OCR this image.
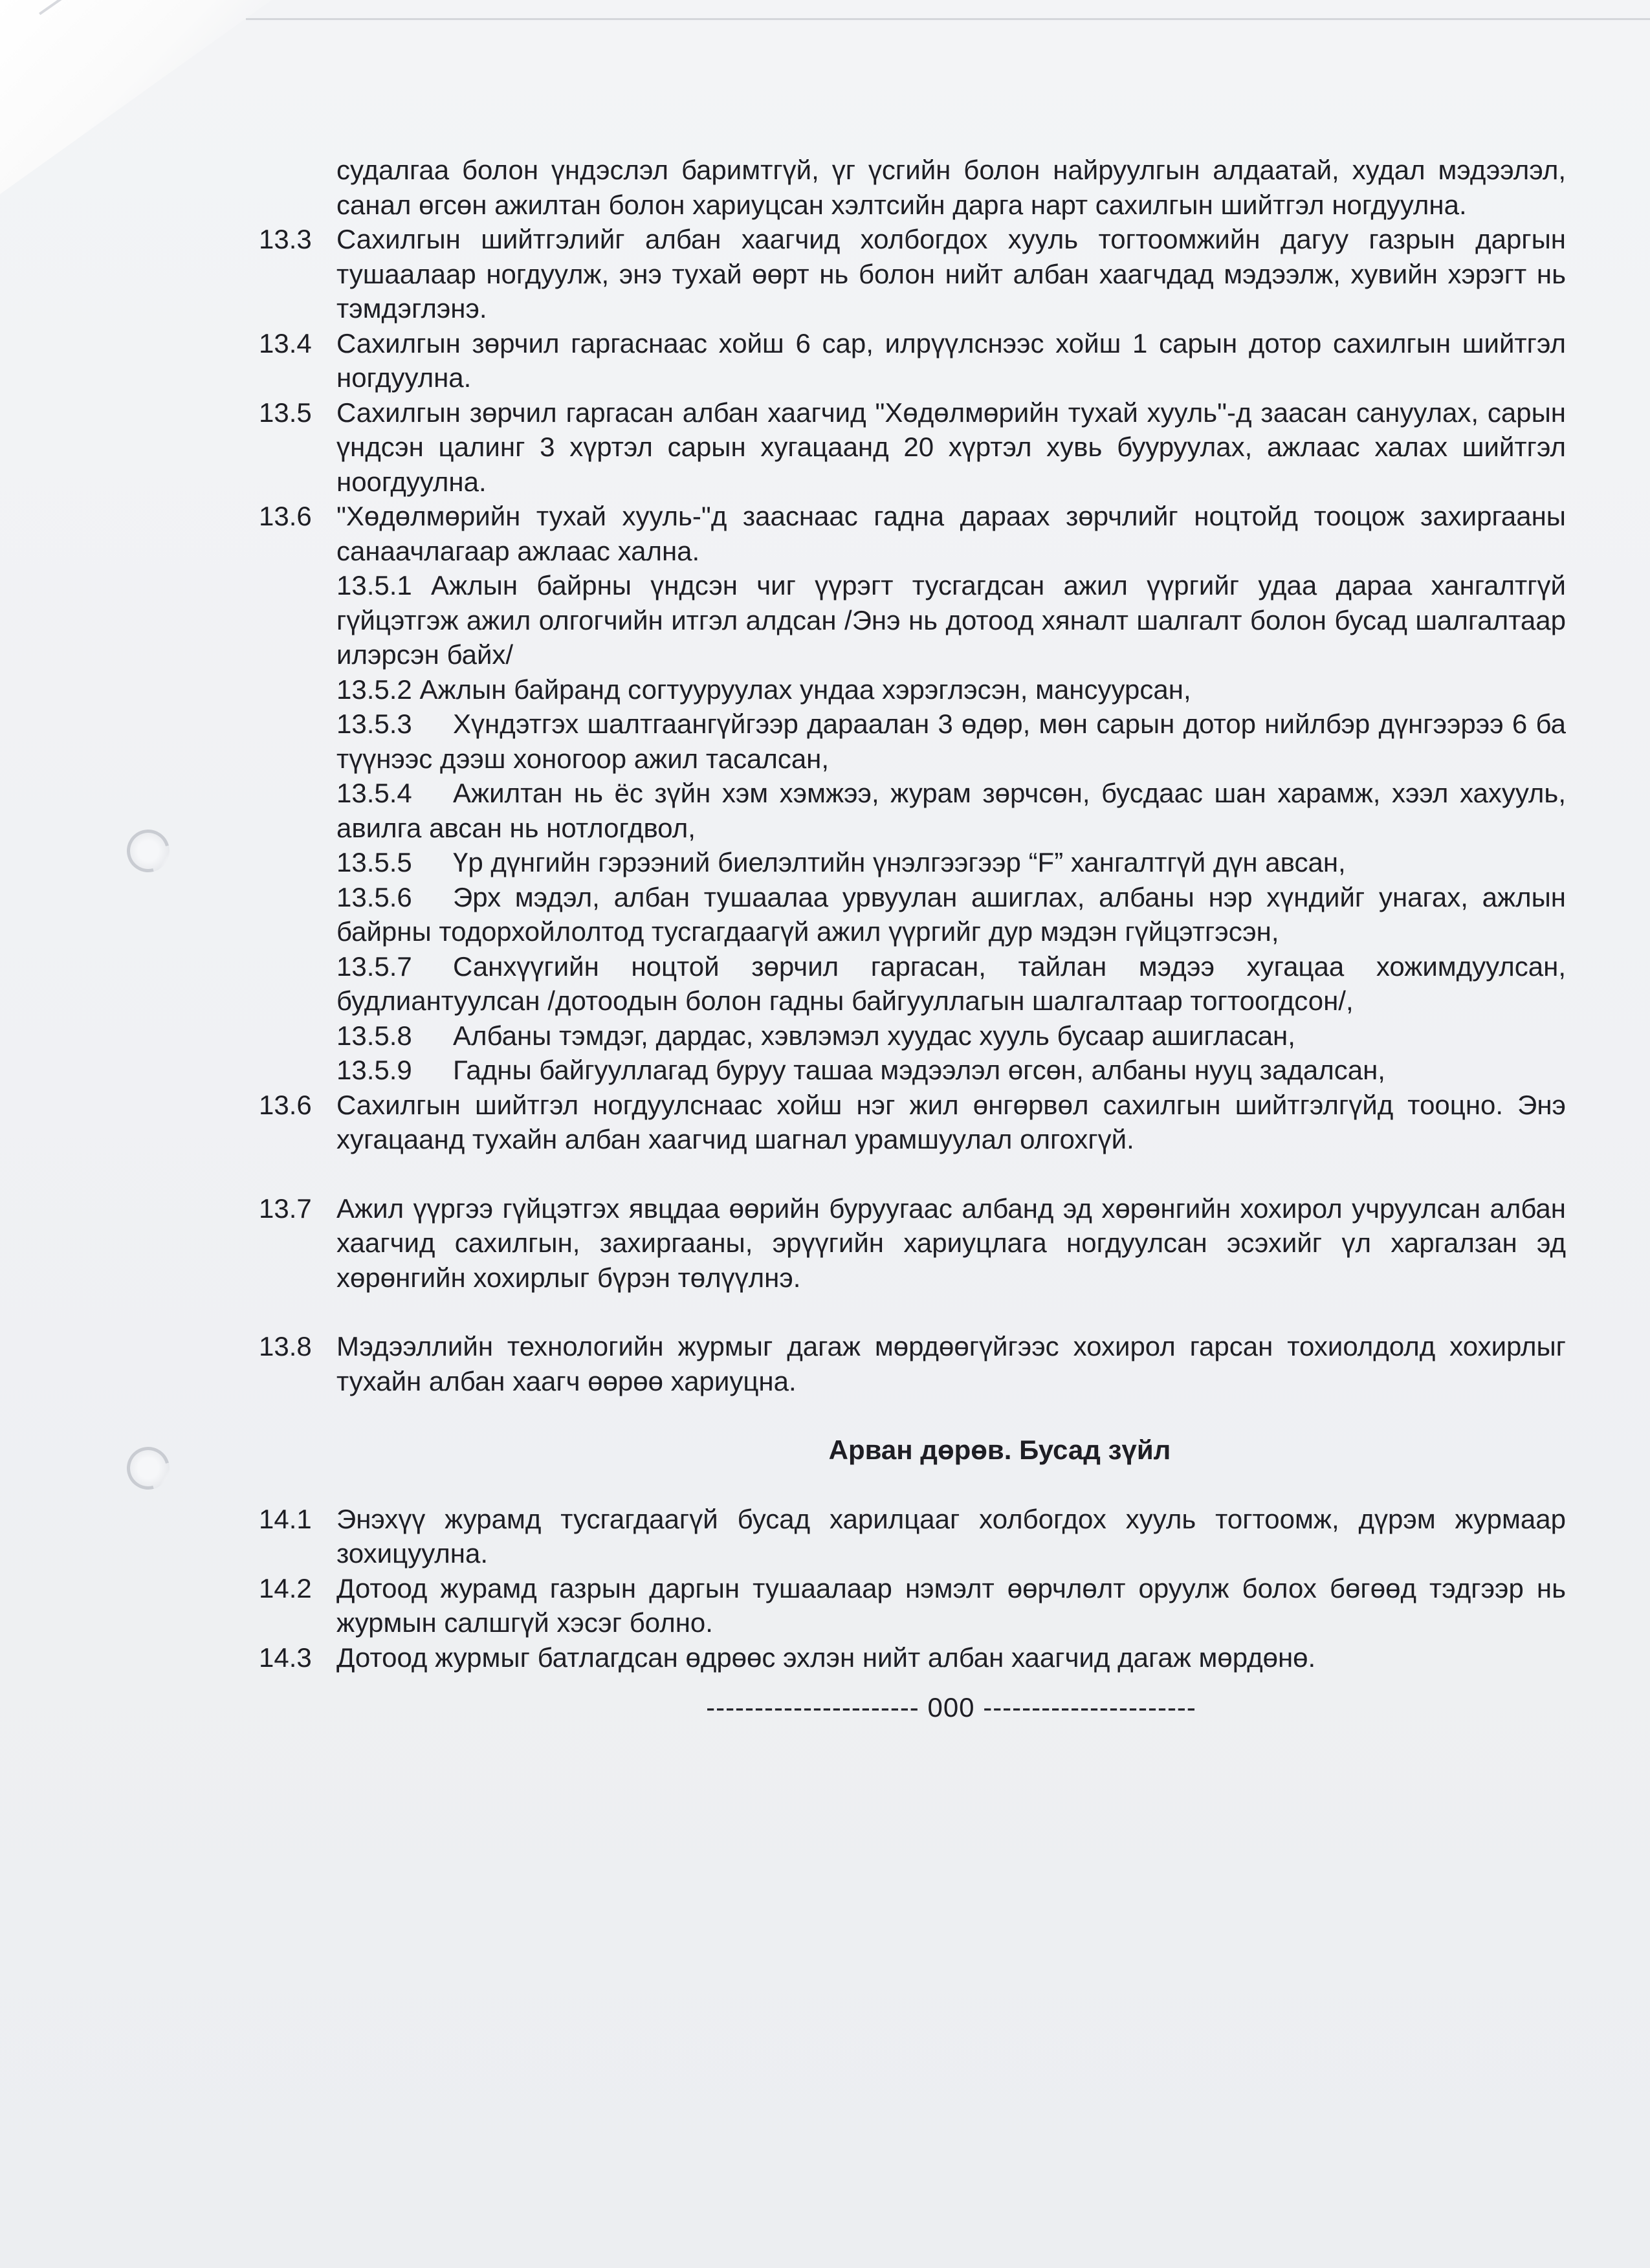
судалгаа болон үндэслэл баримтгүй, үг үсгийн болон найруулгын алдаатай, худал мэдээлэл, санал өгсөн ажилтан болон хариуцсан хэлтсийн дарга нарт сахилгын шийтгэл ногдуулна.
13.3 Сахилгын шийтгэлийг албан хаагчид холбогдох хууль тогтоомжийн дагуу газрын даргын тушаалаар ногдуулж, энэ тухай өөрт нь болон нийт албан хаагчдад мэдээлж, хувийн хэрэгт нь тэмдэглэнэ.
13.4 Сахилгын зөрчил гаргаснаас хойш 6 сар, илрүүлснээс хойш 1 сарын дотор сахилгын шийтгэл ногдуулна.
13.5 Сахилгын зөрчил гаргасан албан хаагчид "Хөдөлмөрийн тухай хууль"-д заасан сануулах, сарын үндсэн цалинг 3 хүртэл сарын хугацаанд 20 хүртэл хувь бууруулах, ажлаас халах шийтгэл ноогдуулна.
13.6 "Хөдөлмөрийн тухай хууль-"д зааснаас гадна дараах зөрчлийг ноцтойд тооцож захиргааны санаачлагаар ажлаас хална.
13.5.1 Ажлын байрны үндсэн чиг үүрэгт тусгагдсан ажил үүргийг удаа дараа хангалтгүй гүйцэтгэж ажил олгогчийн итгэл алдсан /Энэ нь дотоод хяналт шалгалт болон бусад шалгалтаар илэрсэн байх/
13.5.2 Ажлын байранд согтууруулах ундаа хэрэглэсэн, мансуурсан,
13.5.3 Хүндэтгэх шалтгаангүйгээр дараалан 3 өдөр, мөн сарын дотор нийлбэр дүнгээрээ 6 ба түүнээс дээш хоногоор ажил тасалсан,
13.5.4 Ажилтан нь ёс зүйн хэм хэмжээ, журам зөрчсөн, бусдаас шан харамж, хээл хахууль, авилга авсан нь нотлогдвол,
13.5.5 Үр дүнгийн гэрээний биелэлтийн үнэлгээгээр “F” хангалтгүй дүн авсан,
13.5.6 Эрх мэдэл, албан тушаалаа урвуулан ашиглах, албаны нэр хүндийг унагах, ажлын байрны тодорхойлолтод тусгагдаагүй ажил үүргийг дур мэдэн гүйцэтгэсэн,
13.5.7 Санхүүгийн ноцтой зөрчил гаргасан, тайлан мэдээ хугацаа хожимдуулсан, будлиантуулсан /дотоодын болон гадны байгууллагын шалгалтаар тогтоогдсон/,
13.5.8 Албаны тэмдэг, дардас, хэвлэмэл хуудас хууль бусаар ашигласан,
13.5.9 Гадны байгууллагад буруу ташаа мэдээлэл өгсөн, албаны нууц задалсан,
13.6 Сахилгын шийтгэл ногдуулснаас хойш нэг жил өнгөрвөл сахилгын шийтгэлгүйд тооцно. Энэ хугацаанд тухайн албан хаагчид шагнал урамшуулал олгохгүй.
13.7 Ажил үүргээ гүйцэтгэх явцдаа өөрийн буруугаас албанд эд хөрөнгийн хохирол учруулсан албан хаагчид сахилгын, захиргааны, эрүүгийн хариуцлага ногдуулсан эсэхийг үл харгалзан эд хөрөнгийн хохирлыг бүрэн төлүүлнэ.
13.8 Мэдээллийн технологийн журмыг дагаж мөрдөөгүйгээс хохирол гарсан тохиолдолд хохирлыг тухайн албан хаагч өөрөө хариуцна.
Арван дөрөв. Бусад зүйл
14.1 Энэхүү журамд тусгагдаагүй бусад харилцааг холбогдох хууль тогтоомж, дүрэм журмаар зохицуулна.
14.2 Дотоод журамд газрын даргын тушаалаар нэмэлт өөрчлөлт оруулж болох бөгөөд тэдгээр нь журмын салшгүй хэсэг болно.
14.3 Дотоод журмыг батлагдсан өдрөөс эхлэн нийт албан хаагчид дагаж мөрдөнө.
---------------------- 000 ----------------------
